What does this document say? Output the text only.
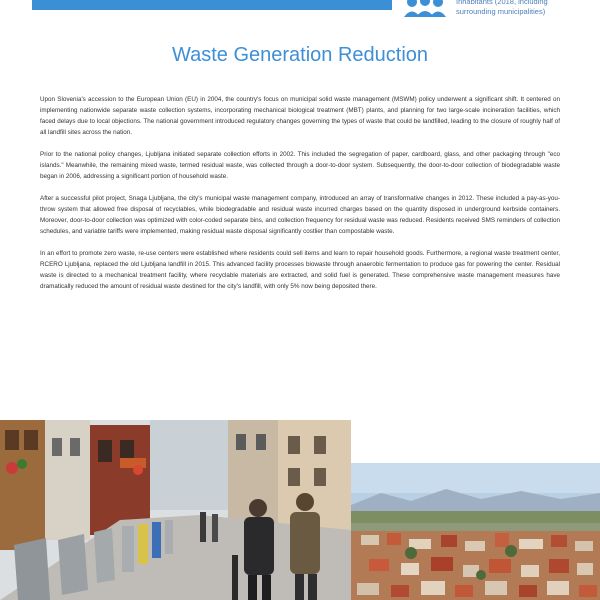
Inhabitants (2018, including
surrounding municipalities)
Waste Generation Reduction

Upon Slovenia's accession to the European Union (EU) in 2004, the country's focus on municipal solid waste management (MSWM) policy underwent a significant shift. It centered on implementing nationwide separate waste collection systems, incorporating mechanical biological treatment (MBT) plants, and planning for two large-scale incineration facilities, which faced delays due to local objections. The national government introduced regulatory changes governing the types of waste that could be landfilled, leading to the closure of roughly half of all landfill sites across the nation.

Prior to the national policy changes, Ljubljana initiated separate collection efforts in 2002. This included the segregation of paper, cardboard, glass, and other packaging through "eco islands." Meanwhile, the remaining mixed waste, termed residual waste, was collected through a door-to-door system. Subsequently, the door-to-door collection of biodegradable waste began in 2006, addressing a significant portion of household waste.

After a successful pilot project, Snaga Ljubljana, the city's municipal waste management company, introduced an array of transformative changes in 2012. These included a pay-as-you-throw system that allowed free disposal of recyclables, while biodegradable and residual waste incurred charges based on the quantity disposed in underground kerbside containers. Moreover, door-to-door collection was optimized with color-coded separate bins, and collection frequency for residual waste was reduced. Residents received SMS reminders of collection schedules, and variable tariffs were implemented, making residual waste disposal significantly costlier than compostable waste.

In an effort to promote zero waste, re-use centers were established where residents could sell items and learn to repair household goods. Furthermore, a regional waste treatment center, RCERO Ljubljana, replaced the old Ljubljana landfill in 2015. This advanced facility processes biowaste through anaerobic fermentation to produce gas for powering the center. Residual waste is directed to a mechanical treatment facility, where recyclable materials are extracted, and solid fuel is generated. These comprehensive waste management measures have dramatically reduced the amount of residual waste destined for the city's landfill, with only 5% now being deposited there.
